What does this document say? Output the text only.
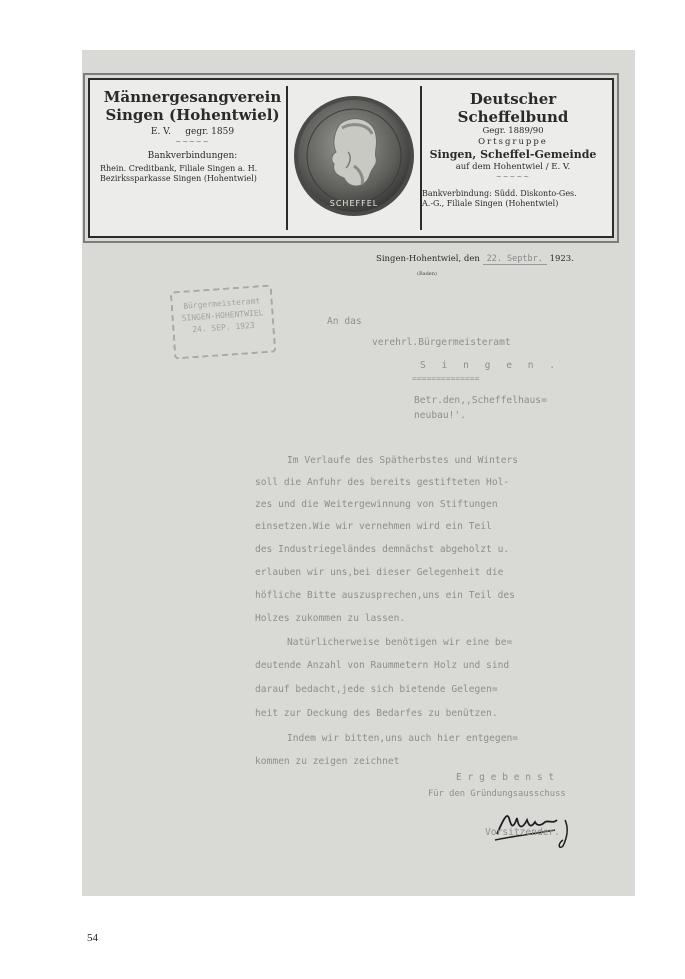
Männergesangverein
Singen (Hohentwiel)
E. V. gegr. 1859
~~~~~
Bankverbindungen:
Rhein. Creditbank, Filiale Singen a. H.
Bezirkssparkasse Singen (Hohentwiel)
SCHEFFEL
Deutscher Scheffelbund
Gegr. 1889/90
Ortsgruppe
Singen, Scheffel-Gemeinde
auf dem Hohentwiel / E. V.
~~~~~
Bankverbindung: Südd. Diskonto-Ges.
A.-G., Filiale Singen (Hohentwiel)
Singen-Hohentwiel, den 22. Septbr. 1923.
(Baden)
Bürgermeisteramt
SINGEN-HOHENTWIEL
24. SEP. 1923	An das
verehrl.Bürgermeisteramt
S i n g e n .
==============
Betr.den,,Scheffelhaus=
neubau!'.
Im Verlaufe des Spätherbstes und Winters
soll die Anfuhr des bereits gestifteten Hol-
zes und die Weitergewinnung von Stiftungen
einsetzen.Wie wir vernehmen wird ein Teil
des Industriegeländes demnächst abgeholzt u.
erlauben wir uns,bei dieser Gelegenheit die
höfliche Bitte auszusprechen,uns ein Teil des
Holzes zukommen zu lassen.
Natürlicherweise benötigen wir eine be=
deutende Anzahl von Raummetern Holz und sind
darauf bedacht,jede sich bietende Gelegen=
heit zur Deckung des Bedarfes zu benützen.
Indem wir bitten,uns auch hier entgegen=
kommen zu zeigen zeichnet
E r g e b e n s t
Für den Gründungsausschuss
Vorsitzender.
54
